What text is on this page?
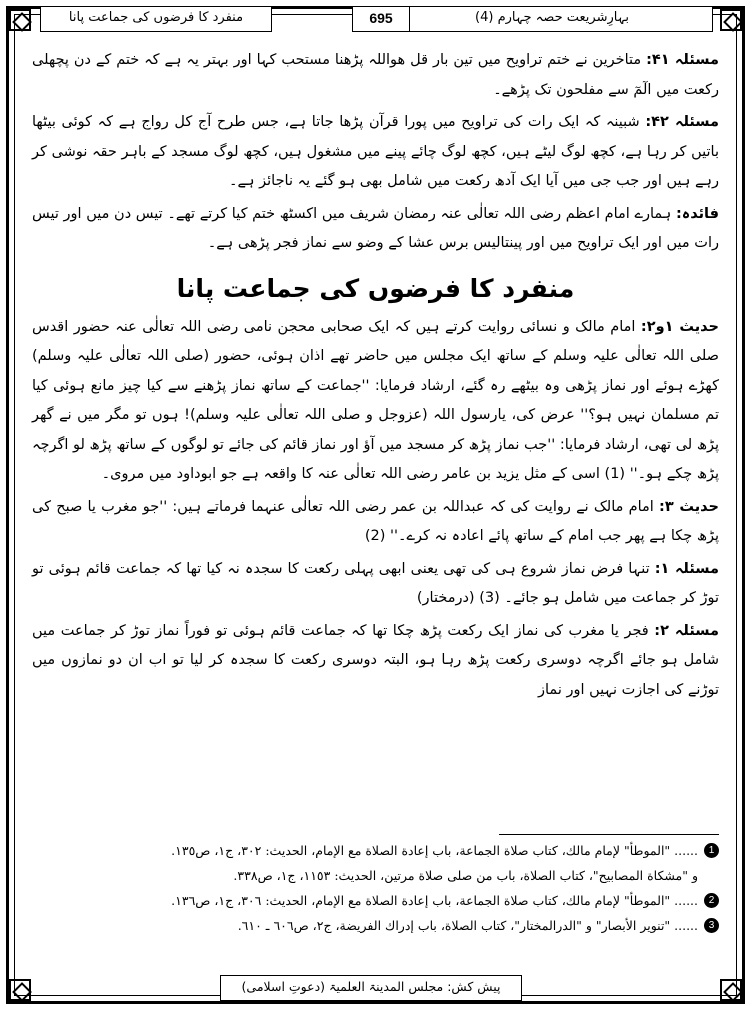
بہارِشریعت حصہ چہارم (4)
695
منفرد کا فرضوں کی جماعت پانا

مسئلہ ۴۱: متاخرین نے ختم تراویح میں تین بار قل ھواللہ پڑھنا مستحب کہا اور بہتر یہ ہے کہ ختم کے دن پچھلی رکعت میں الٓمٓ سے مفلحون تک پڑھے۔

مسئلہ ۴۲: شبینہ کہ ایک رات کی تراویح میں پورا قرآن پڑھا جاتا ہے، جس طرح آج کل رواج ہے کہ کوئی بیٹھا باتیں کر رہا ہے، کچھ لوگ لیٹے ہیں، کچھ لوگ چائے پینے میں مشغول ہیں، کچھ لوگ مسجد کے باہر حقہ نوشی کر رہے ہیں اور جب جی میں آیا ایک آدھ رکعت میں شامل بھی ہو گئے یہ ناجائز ہے۔

فائدہ: ہمارے امام اعظم رضی اللہ تعالٰی عنہ رمضان شریف میں اکسٹھ ختم کیا کرتے تھے۔ تیس دن میں اور تیس رات میں اور ایک تراویح میں اور پینتالیس برس عشا کے وضو سے نماز فجر پڑھی ہے۔

منفرد کا فرضوں کی جماعت پانا

حدیث ۱و۲: امام مالک و نسائی روایت کرتے ہیں کہ ایک صحابی محجن نامی رضی اللہ تعالٰی عنہ حضور اقدس صلی اللہ تعالٰی علیہ وسلم کے ساتھ ایک مجلس میں حاضر تھے اذان ہوئی، حضور (صلی اللہ تعالٰی علیہ وسلم) کھڑے ہوئے اور نماز پڑھی وہ بیٹھے رہ گئے، ارشاد فرمایا: ''جماعت کے ساتھ نماز پڑھنے سے کیا چیز مانع ہوئی کیا تم مسلمان نہیں ہو؟'' عرض کی، یارسول اللہ (عزوجل و صلی اللہ تعالٰی علیہ وسلم)! ہوں تو مگر میں نے گھر پڑھ لی تھی، ارشاد فرمایا: ''جب نماز پڑھ کر مسجد میں آؤ اور نماز قائم کی جائے تو لوگوں کے ساتھ پڑھ لو اگرچہ پڑھ چکے ہو۔'' (1) اسی کے مثل یزید بن عامر رضی اللہ تعالٰی عنہ کا واقعہ ہے جو ابوداود میں مروی۔

حدیث ۳: امام مالک نے روایت کی کہ عبداللہ بن عمر رضی اللہ تعالٰی عنہما فرماتے ہیں: ''جو مغرب یا صبح کی پڑھ چکا ہے پھر جب امام کے ساتھ پائے اعادہ نہ کرے۔'' (2)

مسئلہ ۱: تنہا فرض نماز شروع ہی کی تھی یعنی ابھی پہلی رکعت کا سجدہ نہ کیا تھا کہ جماعت قائم ہوئی تو توڑ کر جماعت میں شامل ہو جائے۔ (3) (درمختار)

مسئلہ ۲: فجر یا مغرب کی نماز ایک رکعت پڑھ چکا تھا کہ جماعت قائم ہوئی تو فوراً نماز توڑ کر جماعت میں شامل ہو جائے اگرچہ دوسری رکعت پڑھ رہا ہو، البتہ دوسری رکعت کا سجدہ کر لیا تو اب ان دو نمازوں میں توڑنے کی اجازت نہیں اور نماز

1
...... "الموطأ" لإمام مالك، كتاب صلاة الجماعة، باب إعادة الصلاة مع الإمام، الحديث: ٣٠٢، ج١، ص١٣٥.
و "مشكاة المصابيح"، كتاب الصلاة، باب من صلى صلاة مرتين، الحديث: ١١٥٣، ج١، ص٣٣٨.
2
...... "الموطأ" لإمام مالك، كتاب صلاة الجماعة، باب إعادة الصلاة مع الإمام، الحديث: ٣٠٦، ج١، ص١٣٦.
3
...... "تنوير الأبصار" و "الدرالمختار"، كتاب الصلاة، باب إدراك الفريضة، ج٢، ص٦٠٦ ـ ٦١٠.
پیش کش: مجلس المدینۃ العلمیۃ (دعوتِ اسلامی)
